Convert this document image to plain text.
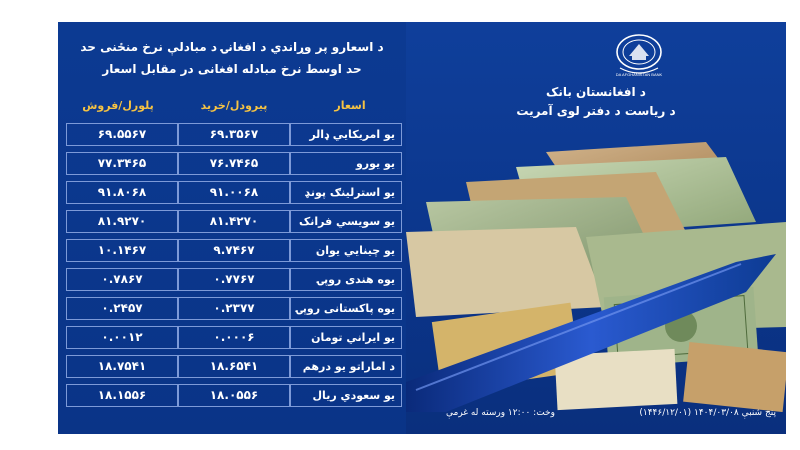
د اسعارو پر وړاندي د افغانۍ د مبادلې نرخ منځنی حد
حد اوسط نرخ مبادله افغانی در مقابل اسعار
اسعار
پیرودل/خرید
پلورل/فروش
یو امریکایي ډالر
۶۹.۳۵۶۷
۶۹.۵۵۶۷
یو یورو
۷۶.۷۴۶۵
۷۷.۳۴۶۵
یو استرلینګ پونډ
۹۱.۰۰۶۸
۹۱.۸۰۶۸
یو سویسي فرانک
۸۱.۴۲۷۰
۸۱.۹۲۷۰
یو چینایي یوان
۹.۷۴۶۷
۱۰.۱۴۶۷
یوه هندی روپۍ
۰.۷۷۶۷
۰.۷۸۶۷
یوه پاکستانی روپۍ
۰.۲۳۷۷
۰.۲۴۵۷
یو ایراني تومان
۰.۰۰۰۶
۰.۰۰۱۲
د اماراتو یو درهم
۱۸.۶۵۴۱
۱۸.۷۵۴۱
یو سعودي ریال
۱۸.۰۵۵۶
۱۸.۱۵۵۶
DA AFGHANISTAN BANK
د افغانستان بانک
د ریاست د دفتر لوی آمریت
پنج شنبې ۱۴۰۴/۰۳/۰۸ (۱۴۴۶/۱۲/۰۱)
وخت: ۱۲:۰۰ ورسته له غرمې
